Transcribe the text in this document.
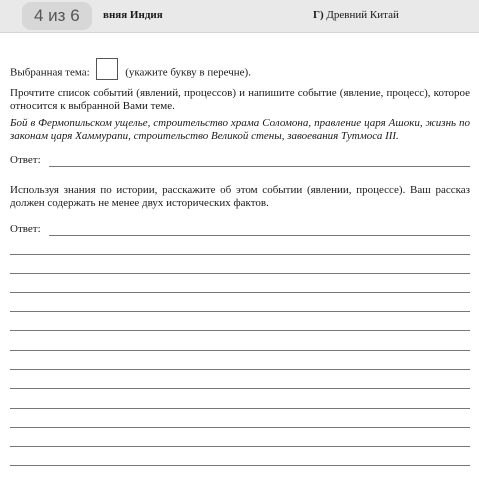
4 из 6	вняя Индия	Г) Древний Китай
Выбранная тема:	(укажите букву в перечне).
Прочтите список событий (явлений, процессов) и напишите событие (явление, процесс), которое относится к выбранной Вами теме.
Бой в Фермопильском ущелье, строительство храма Соломона, правление царя Ашоки, жизнь по законам царя Хаммурапи, строительство Великой стены, завоевания Тутмоса III.
Ответ:
Используя знания по истории, расскажите об этом событии (явлении, процессе). Ваш рассказ должен содержать не менее двух исторических фактов.
Ответ:
